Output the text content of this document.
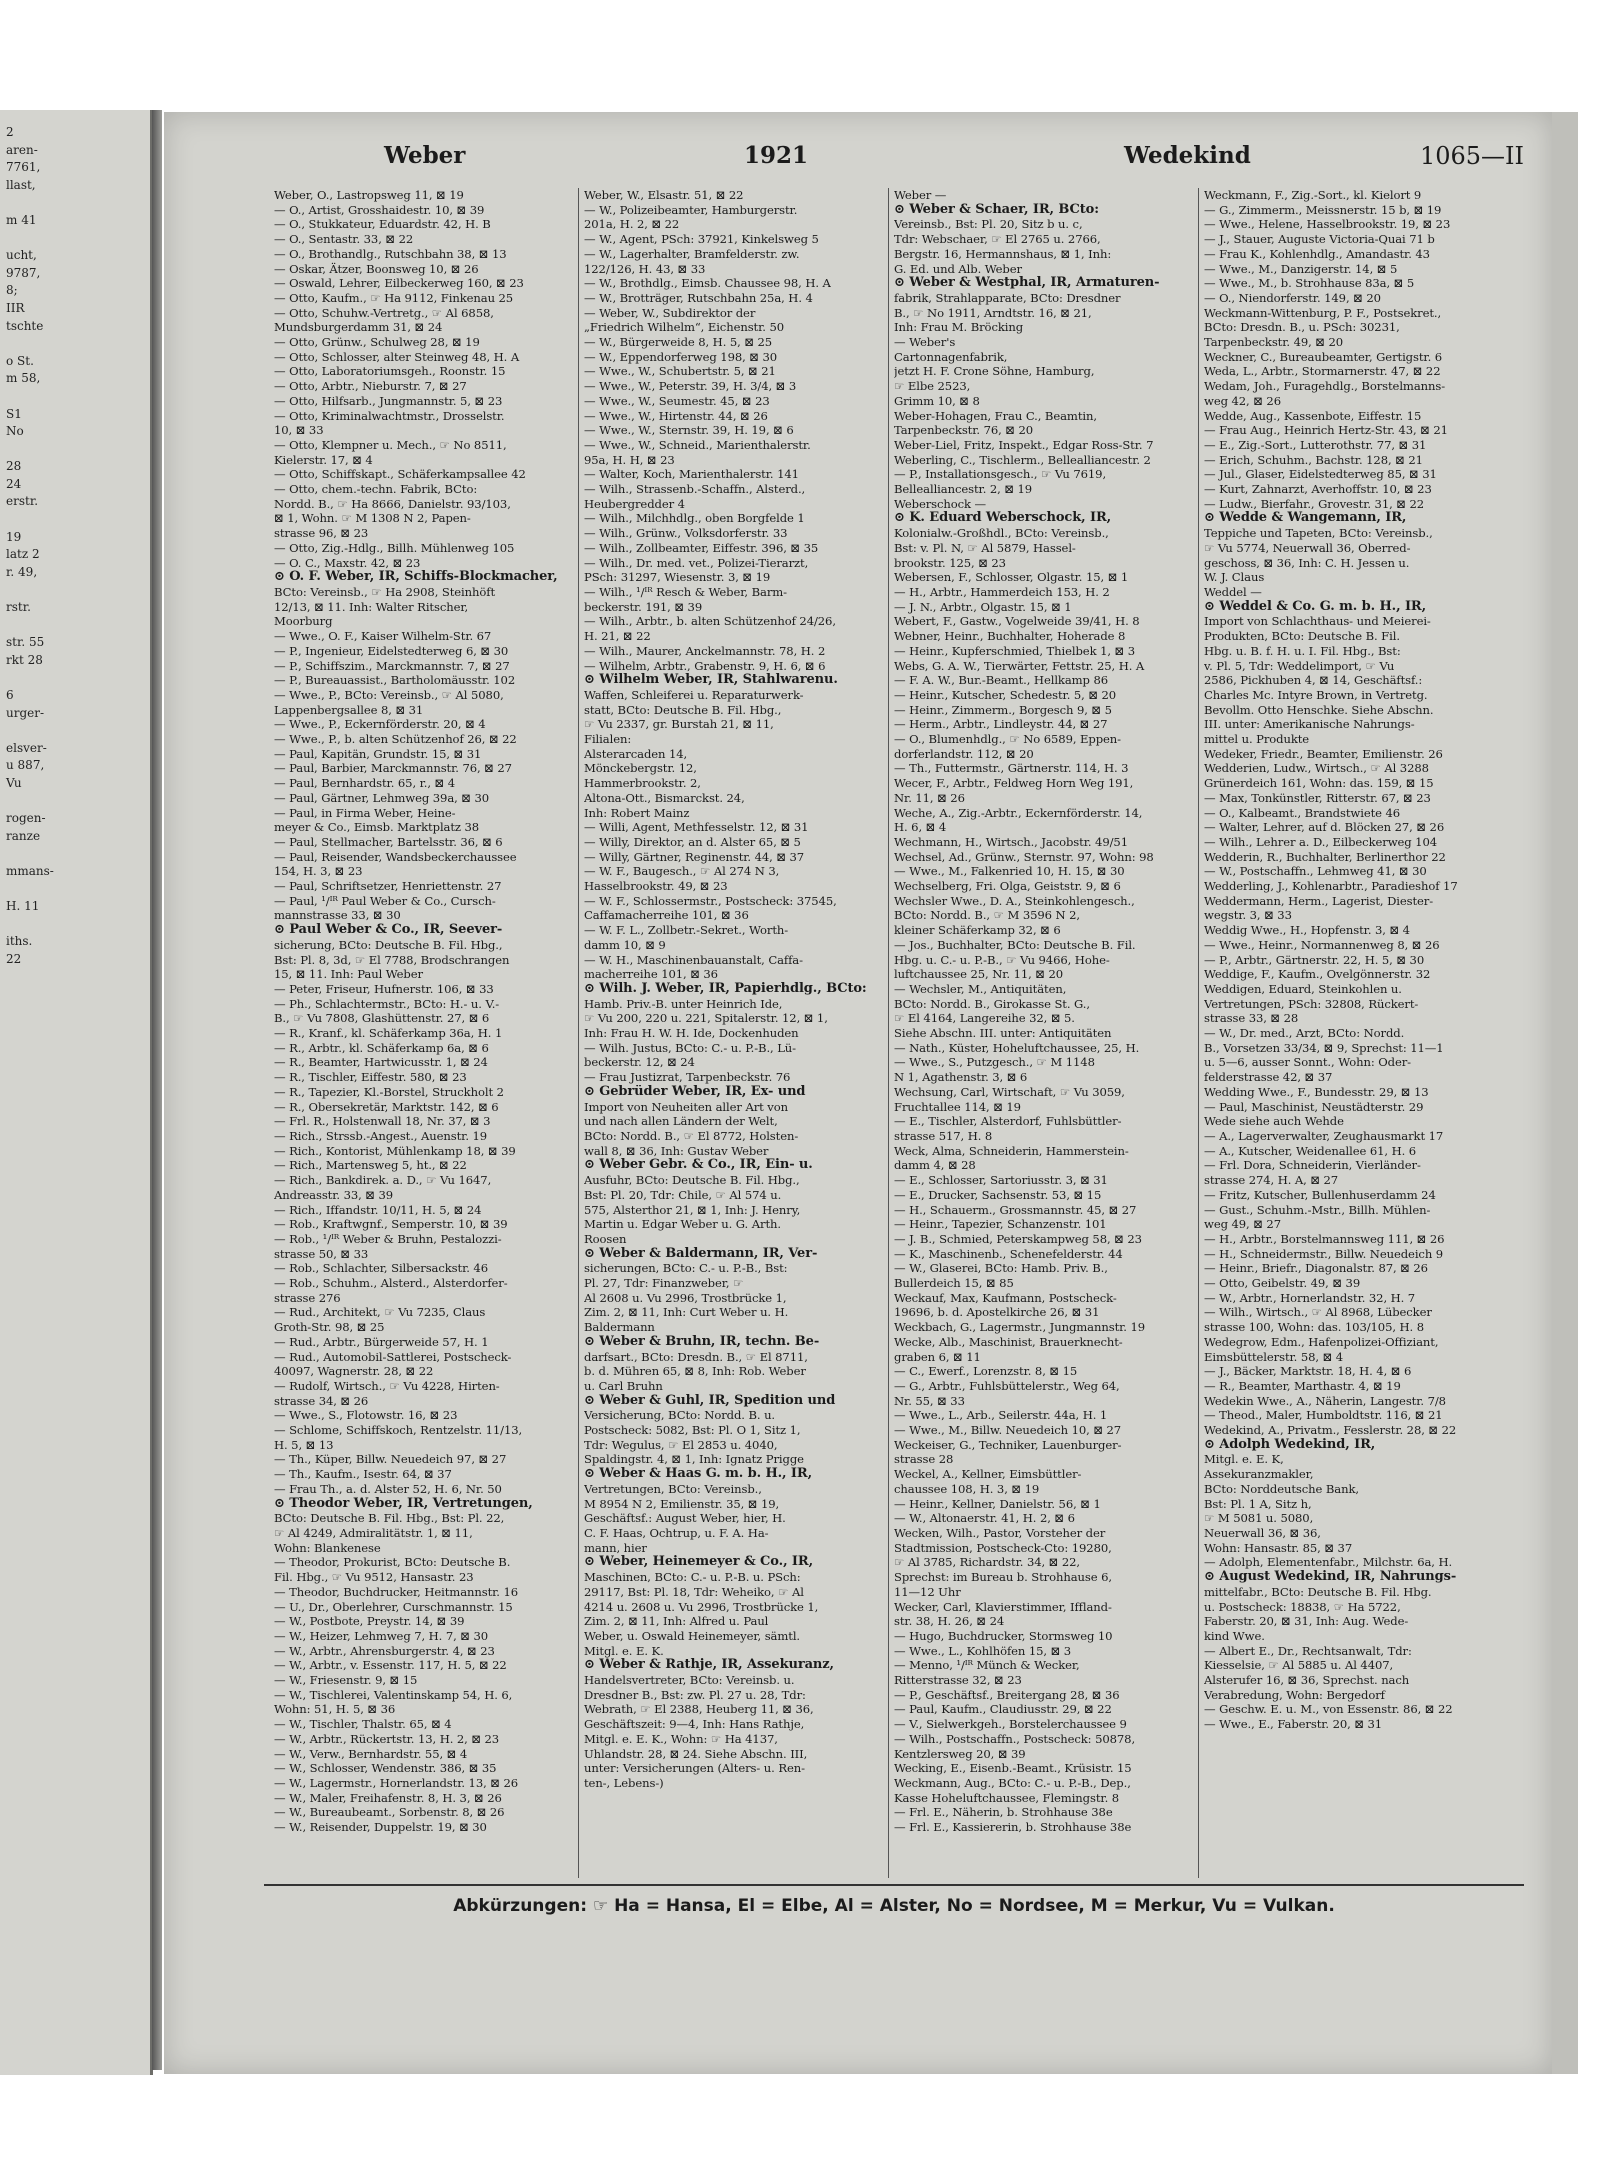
2
aren-
7761,
llast,

m 41

ucht,
9787,
8;
IIR
tschte

o St.
m 58,

S1
No

28
24
erstr.

19
latz 2
r. 49,

rstr.

str. 55
rkt 28

6
urger-

elsver-
u 887,
Vu

rogen-
ranze

mmans-

H. 11

iths.
22
Weber	1921	Wedekind	1065—II
Weber, O., Lastropsweg 11, ⊠ 19
— O., Artist, Grosshaidestr. 10, ⊠ 39
— O., Stukkateur, Eduardstr. 42, H. B
— O., Sentastr. 33, ⊠ 22
— O., Brothandlg., Rutschbahn 38, ⊠ 13
— Oskar, Ätzer, Boonsweg 10, ⊠ 26
— Oswald, Lehrer, Eilbeckerweg 160, ⊠ 23
— Otto, Kaufm., ☞ Ha 9112, Finkenau 25
— Otto, Schuhw.-Vertretg., ☞ Al 6858,
Mundsburgerdamm 31, ⊠ 24
— Otto, Grünw., Schulweg 28, ⊠ 19
— Otto, Schlosser, alter Steinweg 48, H. A
— Otto, Laboratoriumsgeh., Roonstr. 15
— Otto, Arbtr., Nieburstr. 7, ⊠ 27
— Otto, Hilfsarb., Jungmannstr. 5, ⊠ 23
— Otto, Kriminalwachtmstr., Drosselstr.
10, ⊠ 33
— Otto, Klempner u. Mech., ☞ No 8511,
Kielerstr. 17, ⊠ 4
— Otto, Schiffskapt., Schäferkampsallee 42
— Otto, chem.-techn. Fabrik, BCto:
Nordd. B., ☞ Ha 8666, Danielstr. 93/103,
⊠ 1, Wohn. ☞ M 1308 N 2, Papen-
strasse 96, ⊠ 23
— Otto, Zig.-Hdlg., Billh. Mühlenweg 105
— O. C., Maxstr. 42, ⊠ 23
⊙ O. F. Weber, IR, Schiffs-Blockmacher,
BCto: Vereinsb., ☞ Ha 2908, Steinhöft
12/13, ⊠ 11. Inh: Walter Ritscher,
Moorburg
— Wwe., O. F., Kaiser Wilhelm-Str. 67
— P., Ingenieur, Eidelstedterweg 6, ⊠ 30
— P., Schiffszim., Marckmannstr. 7, ⊠ 27
— P., Bureauassist., Bartholomäusstr. 102
— Wwe., P., BCto: Vereinsb., ☞ Al 5080,
Lappenbergsallee 8, ⊠ 31
— Wwe., P., Eckernförderstr. 20, ⊠ 4
— Wwe., P., b. alten Schützenhof 26, ⊠ 22
— Paul, Kapitän, Grundstr. 15, ⊠ 31
— Paul, Barbier, Marckmannstr. 76, ⊠ 27
— Paul, Bernhardstr. 65, r., ⊠ 4
— Paul, Gärtner, Lehmweg 39a, ⊠ 30
— Paul, in Firma Weber, Heine-
meyer & Co., Eimsb. Marktplatz 38
— Paul, Stellmacher, Bartelsstr. 36, ⊠ 6
— Paul, Reisender, Wandsbeckerchaussee
154, H. 3, ⊠ 23
— Paul, Schriftsetzer, Henriettenstr. 27
— Paul, ¹/ᴵᴿ Paul Weber & Co., Cursch-
mannstrasse 33, ⊠ 30
⊙ Paul Weber & Co., IR, Seever-
sicherung, BCto: Deutsche B. Fil. Hbg.,
Bst: Pl. 8, 3d, ☞ El 7788, Brodschrangen
15, ⊠ 11. Inh: Paul Weber
— Peter, Friseur, Hufnerstr. 106, ⊠ 33
— Ph., Schlachtermstr., BCto: H.- u. V.-
B., ☞ Vu 7808, Glashüttenstr. 27, ⊠ 6
— R., Kranf., kl. Schäferkamp 36a, H. 1
— R., Arbtr., kl. Schäferkamp 6a, ⊠ 6
— R., Beamter, Hartwicusstr. 1, ⊠ 24
— R., Tischler, Eiffestr. 580, ⊠ 23
— R., Tapezier, Kl.-Borstel, Struckholt 2
— R., Obersekretär, Marktstr. 142, ⊠ 6
— Frl. R., Holstenwall 18, Nr. 37, ⊠ 3
— Rich., Strssb.-Angest., Auenstr. 19
— Rich., Kontorist, Mühlenkamp 18, ⊠ 39
— Rich., Martensweg 5, ht., ⊠ 22
— Rich., Bankdirek. a. D., ☞ Vu 1647,
Andreasstr. 33, ⊠ 39
— Rich., Iffandstr. 10/11, H. 5, ⊠ 24
— Rob., Kraftwgnf., Semperstr. 10, ⊠ 39
— Rob., ¹/ᴵᴿ Weber & Bruhn, Pestalozzi-
strasse 50, ⊠ 33
— Rob., Schlachter, Silbersackstr. 46
— Rob., Schuhm., Alsterd., Alsterdorfer-
strasse 276
— Rud., Architekt, ☞ Vu 7235, Claus
Groth-Str. 98, ⊠ 25
— Rud., Arbtr., Bürgerweide 57, H. 1
— Rud., Automobil-Sattlerei, Postscheck-
40097, Wagnerstr. 28, ⊠ 22
— Rudolf, Wirtsch., ☞ Vu 4228, Hirten-
strasse 34, ⊠ 26
— Wwe., S., Flotowstr. 16, ⊠ 23
— Schlome, Schiffskoch, Rentzelstr. 11/13,
H. 5, ⊠ 13
— Th., Küper, Billw. Neuedeich 97, ⊠ 27
— Th., Kaufm., Isestr. 64, ⊠ 37
— Frau Th., a. d. Alster 52, H. 6, Nr. 50
⊙ Theodor Weber, IR, Vertretungen,
BCto: Deutsche B. Fil. Hbg., Bst: Pl. 22,
☞ Al 4249, Admiralitätstr. 1, ⊠ 11,
Wohn: Blankenese
— Theodor, Prokurist, BCto: Deutsche B.
Fil. Hbg., ☞ Vu 9512, Hansastr. 23
— Theodor, Buchdrucker, Heitmannstr. 16
— U., Dr., Oberlehrer, Curschmannstr. 15
— W., Postbote, Preystr. 14, ⊠ 39
— W., Heizer, Lehmweg 7, H. 7, ⊠ 30
— W., Arbtr., Ahrensburgerstr. 4, ⊠ 23
— W., Arbtr., v. Essenstr. 117, H. 5, ⊠ 22
— W., Friesenstr. 9, ⊠ 15
— W., Tischlerei, Valentinskamp 54, H. 6,
Wohn: 51, H. 5, ⊠ 36
— W., Tischler, Thalstr. 65, ⊠ 4
— W., Arbtr., Rückertstr. 13, H. 2, ⊠ 23
— W., Verw., Bernhardstr. 55, ⊠ 4
— W., Schlosser, Wendenstr. 386, ⊠ 35
— W., Lagermstr., Hornerlandstr. 13, ⊠ 26
— W., Maler, Freihafenstr. 8, H. 3, ⊠ 26
— W., Bureaubeamt., Sorbenstr. 8, ⊠ 26
— W., Reisender, Duppelstr. 19, ⊠ 30
Weber, W., Elsastr. 51, ⊠ 22
— W., Polizeibeamter, Hamburgerstr.
201a, H. 2, ⊠ 22
— W., Agent, PSch: 37921, Kinkelsweg 5
— W., Lagerhalter, Bramfelderstr. zw.
122/126, H. 43, ⊠ 33
— W., Brothdlg., Eimsb. Chaussee 98, H. A
— W., Brotträger, Rutschbahn 25a, H. 4
— Weber, W., Subdirektor der
„Friedrich Wilhelm“, Eichenstr. 50
— W., Bürgerweide 8, H. 5, ⊠ 25
— W., Eppendorferweg 198, ⊠ 30
— Wwe., W., Schubertstr. 5, ⊠ 21
— Wwe., W., Peterstr. 39, H. 3/4, ⊠ 3
— Wwe., W., Seumestr. 45, ⊠ 23
— Wwe., W., Hirtenstr. 44, ⊠ 26
— Wwe., W., Sternstr. 39, H. 19, ⊠ 6
— Wwe., W., Schneid., Marienthalerstr.
95a, H. H, ⊠ 23
— Walter, Koch, Marienthalerstr. 141
— Wilh., Strassenb.-Schaffn., Alsterd.,
Heubergredder 4
— Wilh., Milchhdlg., oben Borgfelde 1
— Wilh., Grünw., Volksdorferstr. 33
— Wilh., Zollbeamter, Eiffestr. 396, ⊠ 35
— Wilh., Dr. med. vet., Polizei-Tierarzt,
PSch: 31297, Wiesenstr. 3, ⊠ 19
— Wilh., ¹/ᴵᴿ Resch & Weber, Barm-
beckerstr. 191, ⊠ 39
— Wilh., Arbtr., b. alten Schützenhof 24/26,
H. 21, ⊠ 22
— Wilh., Maurer, Anckelmannstr. 78, H. 2
— Wilhelm, Arbtr., Grabenstr. 9, H. 6, ⊠ 6
⊙ Wilhelm Weber, IR, Stahlwarenu.
Waffen, Schleiferei u. Reparaturwerk-
statt, BCto: Deutsche B. Fil. Hbg.,
☞ Vu 2337, gr. Burstah 21, ⊠ 11,
Filialen:
Alsterarcaden 14,
Mönckebergstr. 12,
Hammerbrookstr. 2,
Altona-Ott., Bismarckst. 24,
Inh: Robert Mainz
— Willi, Agent, Methfesselstr. 12, ⊠ 31
— Willy, Direktor, an d. Alster 65, ⊠ 5
— Willy, Gärtner, Reginenstr. 44, ⊠ 37
— W. F., Baugesch., ☞ Al 274 N 3,
Hasselbrookstr. 49, ⊠ 23
— W. F., Schlossermstr., Postscheck: 37545,
Caffamacherreihe 101, ⊠ 36
— W. F. L., Zollbetr.-Sekret., Worth-
damm 10, ⊠ 9
— W. H., Maschinenbauanstalt, Caffa-
macherreihe 101, ⊠ 36
⊙ Wilh. J. Weber, IR, Papierhdlg., BCto:
Hamb. Priv.-B. unter Heinrich Ide,
☞ Vu 200, 220 u. 221, Spitalerstr. 12, ⊠ 1,
Inh: Frau H. W. H. Ide, Dockenhuden
— Wilh. Justus, BCto: C.- u. P.-B., Lü-
beckerstr. 12, ⊠ 24
— Frau Justizrat, Tarpenbeckstr. 76
⊙ Gebrüder Weber, IR, Ex- und
Import von Neuheiten aller Art von
und nach allen Ländern der Welt,
BCto: Nordd. B., ☞ El 8772, Holsten-
wall 8, ⊠ 36, Inh: Gustav Weber
⊙ Weber Gebr. & Co., IR, Ein- u.
Ausfuhr, BCto: Deutsche B. Fil. Hbg.,
Bst: Pl. 20, Tdr: Chile, ☞ Al 574 u.
575, Alsterthor 21, ⊠ 1, Inh: J. Henry,
Martin u. Edgar Weber u. G. Arth.
Roosen
⊙ Weber & Baldermann, IR, Ver-
sicherungen, BCto: C.- u. P.-B., Bst:
Pl. 27, Tdr: Finanzweber, ☞
Al 2608 u. Vu 2996, Trostbrücke 1,
Zim. 2, ⊠ 11, Inh: Curt Weber u. H.
Baldermann
⊙ Weber & Bruhn, IR, techn. Be-
darfsart., BCto: Dresdn. B., ☞ El 8711,
b. d. Mühren 65, ⊠ 8, Inh: Rob. Weber
u. Carl Bruhn
⊙ Weber & Guhl, IR, Spedition und
Versicherung, BCto: Nordd. B. u.
Postscheck: 5082, Bst: Pl. O 1, Sitz 1,
Tdr: Wegulus, ☞ El 2853 u. 4040,
Spaldingstr. 4, ⊠ 1, Inh: Ignatz Prigge
⊙ Weber & Haas G. m. b. H., IR,
Vertretungen, BCto: Vereinsb.,
M 8954 N 2, Emilienstr. 35, ⊠ 19,
Geschäftsf.: August Weber, hier, H.
C. F. Haas, Ochtrup, u. F. A. Ha-
mann, hier
⊙ Weber, Heinemeyer & Co., IR,
Maschinen, BCto: C.- u. P.-B. u. PSch:
29117, Bst: Pl. 18, Tdr: Weheiko, ☞ Al
4214 u. 2608 u. Vu 2996, Trostbrücke 1,
Zim. 2, ⊠ 11, Inh: Alfred u. Paul
Weber, u. Oswald Heinemeyer, sämtl.
Mitgl. e. E. K.
⊙ Weber & Rathje, IR, Assekuranz,
Handelsvertreter, BCto: Vereinsb. u.
Dresdner B., Bst: zw. Pl. 27 u. 28, Tdr:
Webrath, ☞ El 2388, Heuberg 11, ⊠ 36,
Geschäftszeit: 9—4, Inh: Hans Rathje,
Mitgl. e. E. K., Wohn: ☞ Ha 4137,
Uhlandstr. 28, ⊠ 24. Siehe Abschn. III,
unter: Versicherungen (Alters- u. Ren-
ten-, Lebens-)
Weber —
⊙ Weber & Schaer, IR, BCto:
Vereinsb., Bst: Pl. 20, Sitz b u. c,
Tdr: Webschaer, ☞ El 2765 u. 2766,
Bergstr. 16, Hermannshaus, ⊠ 1, Inh:
G. Ed. und Alb. Weber
⊙ Weber & Westphal, IR, Armaturen-
fabrik, Strahlapparate, BCto: Dresdner
B., ☞ No 1911, Arndtstr. 16, ⊠ 21,
Inh: Frau M. Bröcking
— Weber's
Cartonnagenfabrik,
jetzt H. F. Crone Söhne, Hamburg,
☞ Elbe 2523,
Grimm 10, ⊠ 8
Weber-Hohagen, Frau C., Beamtin,
Tarpenbeckstr. 76, ⊠ 20
Weber-Liel, Fritz, Inspekt., Edgar Ross-Str. 7
Weberling, C., Tischlerm., Bellealliancestr. 2
— P., Installationsgesch., ☞ Vu 7619,
Bellealliancestr. 2, ⊠ 19
Weberschock —
⊙ K. Eduard Weberschock, IR,
Kolonialw.-Großhdl., BCto: Vereinsb.,
Bst: v. Pl. N, ☞ Al 5879, Hassel-
brookstr. 125, ⊠ 23
Webersen, F., Schlosser, Olgastr. 15, ⊠ 1
— H., Arbtr., Hammerdeich 153, H. 2
— J. N., Arbtr., Olgastr. 15, ⊠ 1
Webert, F., Gastw., Vogelweide 39/41, H. 8
Webner, Heinr., Buchhalter, Hoherade 8
— Heinr., Kupferschmied, Thielbek 1, ⊠ 3
Webs, G. A. W., Tierwärter, Fettstr. 25, H. A
— F. A. W., Bur.-Beamt., Hellkamp 86
— Heinr., Kutscher, Schedestr. 5, ⊠ 20
— Heinr., Zimmerm., Borgesch 9, ⊠ 5
— Herm., Arbtr., Lindleystr. 44, ⊠ 27
— O., Blumenhdlg., ☞ No 6589, Eppen-
dorferlandstr. 112, ⊠ 20
— Th., Futtermstr., Gärtnerstr. 114, H. 3
Wecer, F., Arbtr., Feldweg Horn Weg 191,
Nr. 11, ⊠ 26
Weche, A., Zig.-Arbtr., Eckernförderstr. 14,
H. 6, ⊠ 4
Wechmann, H., Wirtsch., Jacobstr. 49/51
Wechsel, Ad., Grünw., Sternstr. 97, Wohn: 98
— Wwe., M., Falkenried 10, H. 15, ⊠ 30
Wechselberg, Fri. Olga, Geiststr. 9, ⊠ 6
Wechsler Wwe., D. A., Steinkohlengesch.,
BCto: Nordd. B., ☞ M 3596 N 2,
kleiner Schäferkamp 32, ⊠ 6
— Jos., Buchhalter, BCto: Deutsche B. Fil.
Hbg. u. C.- u. P.-B., ☞ Vu 9466, Hohe-
luftchaussee 25, Nr. 11, ⊠ 20
— Wechsler, M., Antiquitäten,
BCto: Nordd. B., Girokasse St. G.,
☞ El 4164, Langereihe 32, ⊠ 5.
Siehe Abschn. III. unter: Antiquitäten
— Nath., Küster, Hoheluftchaussee, 25, H.
— Wwe., S., Putzgesch., ☞ M 1148
N 1, Agathenstr. 3, ⊠ 6
Wechsung, Carl, Wirtschaft, ☞ Vu 3059,
Fruchtallee 114, ⊠ 19
— E., Tischler, Alsterdorf, Fuhlsbüttler-
strasse 517, H. 8
Weck, Alma, Schneiderin, Hammerstein-
damm 4, ⊠ 28
— E., Schlosser, Sartoriusstr. 3, ⊠ 31
— E., Drucker, Sachsenstr. 53, ⊠ 15
— H., Schauerm., Grossmannstr. 45, ⊠ 27
— Heinr., Tapezier, Schanzenstr. 101
— J. B., Schmied, Peterskampweg 58, ⊠ 23
— K., Maschinenb., Schenefelderstr. 44
— W., Glaserei, BCto: Hamb. Priv. B.,
Bullerdeich 15, ⊠ 85
Weckauf, Max, Kaufmann, Postscheck-
19696, b. d. Apostelkirche 26, ⊠ 31
Weckbach, G., Lagermstr., Jungmannstr. 19
Wecke, Alb., Maschinist, Brauerknecht-
graben 6, ⊠ 11
— C., Ewerf., Lorenzstr. 8, ⊠ 15
— G., Arbtr., Fuhlsbüttelerstr., Weg 64,
Nr. 55, ⊠ 33
— Wwe., L., Arb., Seilerstr. 44a, H. 1
— Wwe., M., Billw. Neuedeich 10, ⊠ 27
Weckeiser, G., Techniker, Lauenburger-
strasse 28
Weckel, A., Kellner, Eimsbüttler-
chaussee 108, H. 3, ⊠ 19
— Heinr., Kellner, Danielstr. 56, ⊠ 1
— W., Altonaerstr. 41, H. 2, ⊠ 6
Wecken, Wilh., Pastor, Vorsteher der
Stadtmission, Postscheck-Cto: 19280,
☞ Al 3785, Richardstr. 34, ⊠ 22,
Sprechst: im Bureau b. Strohhause 6,
11—12 Uhr
Wecker, Carl, Klavierstimmer, Iffland-
str. 38, H. 26, ⊠ 24
— Hugo, Buchdrucker, Stormsweg 10
— Wwe., L., Kohlhöfen 15, ⊠ 3
— Menno, ¹/ᴵᴿ Münch & Wecker,
Ritterstrasse 32, ⊠ 23
— P., Geschäftsf., Breitergang 28, ⊠ 36
— Paul, Kaufm., Claudiusstr. 29, ⊠ 22
— V., Sielwerkgeh., Borstelerchaussee 9
— Wilh., Postschaffn., Postscheck: 50878,
Kentzlersweg 20, ⊠ 39
Wecking, E., Eisenb.-Beamt., Krüsistr. 15
Weckmann, Aug., BCto: C.- u. P.-B., Dep.,
Kasse Hoheluftchaussee, Flemingstr. 8
— Frl. E., Näherin, b. Strohhause 38e
— Frl. E., Kassiererin, b. Strohhause 38e
Weckmann, F., Zig.-Sort., kl. Kielort 9
— G., Zimmerm., Meissnerstr. 15 b, ⊠ 19
— Wwe., Helene, Hasselbrookstr. 19, ⊠ 23
— J., Stauer, Auguste Victoria-Quai 71 b
— Frau K., Kohlenhdlg., Amandastr. 43
— Wwe., M., Danzigerstr. 14, ⊠ 5
— Wwe., M., b. Strohhause 83a, ⊠ 5
— O., Niendorferstr. 149, ⊠ 20
Weckmann-Wittenburg, P. F., Postsekret.,
BCto: Dresdn. B., u. PSch: 30231,
Tarpenbeckstr. 49, ⊠ 20
Weckner, C., Bureaubeamter, Gertigstr. 6
Weda, L., Arbtr., Stormarnerstr. 47, ⊠ 22
Wedam, Joh., Furagehdlg., Borstelmanns-
weg 42, ⊠ 26
Wedde, Aug., Kassenbote, Eiffestr. 15
— Frau Aug., Heinrich Hertz-Str. 43, ⊠ 21
— E., Zig.-Sort., Lutterothstr. 77, ⊠ 31
— Erich, Schuhm., Bachstr. 128, ⊠ 21
— Jul., Glaser, Eidelstedterweg 85, ⊠ 31
— Kurt, Zahnarzt, Averhoffstr. 10, ⊠ 23
— Ludw., Bierfahr., Grovestr. 31, ⊠ 22
⊙ Wedde & Wangemann, IR,
Teppiche und Tapeten, BCto: Vereinsb.,
☞ Vu 5774, Neuerwall 36, Oberred-
geschoss, ⊠ 36, Inh: C. H. Jessen u.
W. J. Claus
Weddel —
⊙ Weddel & Co. G. m. b. H., IR,
Import von Schlachthaus- und Meierei-
Produkten, BCto: Deutsche B. Fil.
Hbg. u. B. f. H. u. I. Fil. Hbg., Bst:
v. Pl. 5, Tdr: Weddelimport, ☞ Vu
2586, Pickhuben 4, ⊠ 14, Geschäftsf.:
Charles Mc. Intyre Brown, in Vertretg.
Bevollm. Otto Henschke. Siehe Abschn.
III. unter: Amerikanische Nahrungs-
mittel u. Produkte
Wedeker, Friedr., Beamter, Emilienstr. 26
Wedderien, Ludw., Wirtsch., ☞ Al 3288
Grünerdeich 161, Wohn: das. 159, ⊠ 15
— Max, Tonkünstler, Ritterstr. 67, ⊠ 23
— O., Kalbeamt., Brandstwiete 46
— Walter, Lehrer, auf d. Blöcken 27, ⊠ 26
— Wilh., Lehrer a. D., Eilbeckerweg 104
Wedderin, R., Buchhalter, Berlinerthor 22
— W., Postschaffn., Lehmweg 41, ⊠ 30
Wedderling, J., Kohlenarbtr., Paradieshof 17
Weddermann, Herm., Lagerist, Diester-
wegstr. 3, ⊠ 33
Weddig Wwe., H., Hopfenstr. 3, ⊠ 4
— Wwe., Heinr., Normannenweg 8, ⊠ 26
— P., Arbtr., Gärtnerstr. 22, H. 5, ⊠ 30
Weddige, F., Kaufm., Ovelgönnerstr. 32
Weddigen, Eduard, Steinkohlen u.
Vertretungen, PSch: 32808, Rückert-
strasse 33, ⊠ 28
— W., Dr. med., Arzt, BCto: Nordd.
B., Vorsetzen 33/34, ⊠ 9, Sprechst: 11—1
u. 5—6, ausser Sonnt., Wohn: Oder-
felderstrasse 42, ⊠ 37
Wedding Wwe., F., Bundesstr. 29, ⊠ 13
— Paul, Maschinist, Neustädterstr. 29
Wede siehe auch Wehde
— A., Lagerverwalter, Zeughausmarkt 17
— A., Kutscher, Weidenallee 61, H. 6
— Frl. Dora, Schneiderin, Vierländer-
strasse 274, H. A, ⊠ 27
— Fritz, Kutscher, Bullenhuserdamm 24
— Gust., Schuhm.-Mstr., Billh. Mühlen-
weg 49, ⊠ 27
— H., Arbtr., Borstelmannsweg 111, ⊠ 26
— H., Schneidermstr., Billw. Neuedeich 9
— Heinr., Briefr., Diagonalstr. 87, ⊠ 26
— Otto, Geibelstr. 49, ⊠ 39
— W., Arbtr., Hornerlandstr. 32, H. 7
— Wilh., Wirtsch., ☞ Al 8968, Lübecker
strasse 100, Wohn: das. 103/105, H. 8
Wedegrow, Edm., Hafenpolizei-Offiziant,
Eimsbüttelerstr. 58, ⊠ 4
— J., Bäcker, Marktstr. 18, H. 4, ⊠ 6
— R., Beamter, Marthastr. 4, ⊠ 19
Wedekin Wwe., A., Näherin, Langestr. 7/8
— Theod., Maler, Humboldtstr. 116, ⊠ 21
Wedekind, A., Privatm., Fesslerstr. 28, ⊠ 22
⊙ Adolph Wedekind, IR,
Mitgl. e. E. K,
Assekuranzmakler,
BCto: Norddeutsche Bank,
Bst: Pl. 1 A, Sitz h,
☞ M 5081 u. 5080,
Neuerwall 36, ⊠ 36,
Wohn: Hansastr. 85, ⊠ 37
— Adolph, Elementenfabr., Milchstr. 6a, H.
⊙ August Wedekind, IR, Nahrungs-
mittelfabr., BCto: Deutsche B. Fil. Hbg.
u. Postscheck: 18838, ☞ Ha 5722,
Faberstr. 20, ⊠ 31, Inh: Aug. Wede-
kind Wwe.
— Albert E., Dr., Rechtsanwalt, Tdr:
Kiesselsie, ☞ Al 5885 u. Al 4407,
Alsterufer 16, ⊠ 36, Sprechst. nach
Verabredung, Wohn: Bergedorf
— Geschw. E. u. M., von Essenstr. 86, ⊠ 22
— Wwe., E., Faberstr. 20, ⊠ 31
Abkürzungen: ☞ Ha = Hansa, El = Elbe, Al = Alster, No = Nordsee, M = Merkur, Vu = Vulkan.
